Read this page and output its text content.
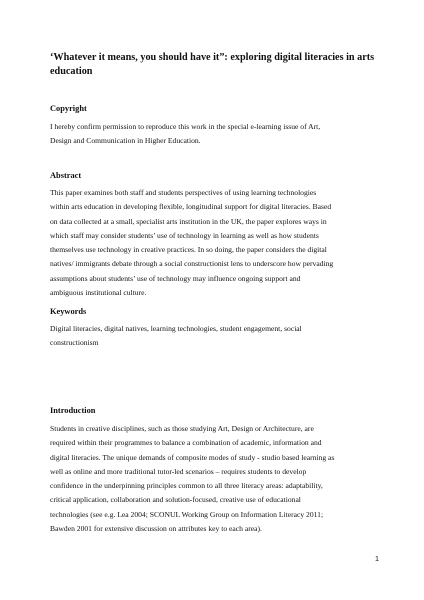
‘Whatever it means, you should have it”: exploring digital literacies in arts
education
Copyright
I hereby confirm permission to reproduce this work in the special e-learning issue of Art,
Design and Communication in Higher Education.
Abstract
This paper examines both staff and students perspectives of using learning technologies
within arts education in developing flexible, longitudinal support for digital literacies. Based
on data collected at a small, specialist arts institution in the UK, the paper explores ways in
which staff may consider students’ use of technology in learning as well as how students
themselves use technology in creative practices. In so doing, the paper considers the digital
natives/ immigrants debate through a social constructionist lens to underscore how pervading
assumptions about students’ use of technology may influence ongoing support and
ambiguous institutional culture.
Keywords
Digital literacies, digital natives, learning technologies, student engagement, social
constructionism
Introduction
Students in creative disciplines, such as those studying Art, Design or Architecture, are
required within their programmes to balance a combination of academic, information and
digital literacies. The unique demands of composite modes of study - studio based learning as
well as online and more traditional tutor-led scenarios – requires students to develop
confidence in the underpinning principles common to all three literacy areas: adaptability,
critical application, collaboration and solution-focused, creative use of educational
technologies (see e.g. Lea 2004; SCONUL Working Group on Information Literacy 2011;
Bawden 2001 for extensive discussion on attributes key to each area).
1
